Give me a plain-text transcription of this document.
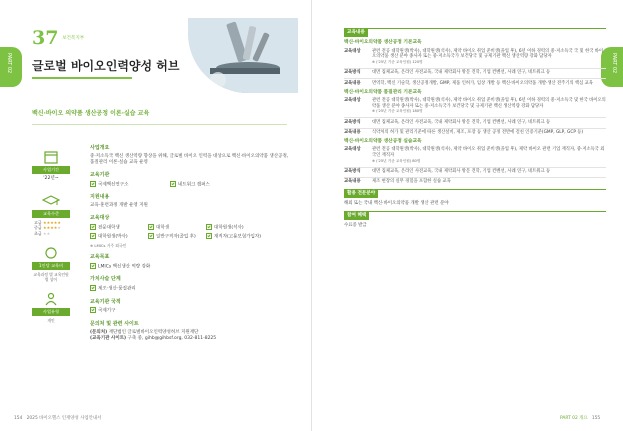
PART 02
37 보건복지부
글로벌 바이오인력양성 허브
백신·바이오 의약품 생산공정 이론·실습 교육
사업기간
'22년~
교육수준
고급 ★★★★★
중급 ★★★★★
초급 ★★
1인당 교육비
교육과정 별 교육인원별 상이
사업유형
개인
사업개요
중·저소득국 백신 생산역량 향상을 위해, 글로벌 바이오 인력을 대상으로 백신·바이오의약품 생산공정, 품질관리 이론·실습 교육 운영
교육기관
국제백신연구소	네트워크 캠퍼스
지원내용
교육·훈련과정 개발 운영 지원
교육대상
전문대학생	대학생	대학원생(석사)
대학원생(박사)	일반구직자(졸업 후)	재직자(고용보험가입자)
※ LMICs 거주 외국인
교육목표
LMICs 백신생산 역량 강화
가치사슬 단계
제조·생산·품질관리
교육기관 국적
국제기구
문의처 및 관련 사이트
(문의처) 재단법인 글로벌바이오인력양성허브 지원재단
(교육기관 사이트) 구축 중, gihb@gihbsf.org, 032-811-8225
154 2025 바이오헬스 인재양성 사업안내서
PART 02
교육내용
백신·바이오의약품 생산공정 기본교육
교육대상	관련 전공 대학원생(박사), 대학원생(석사), 제약 바이오 취업 준비생(졸업 후), 6년 이하 경력의 중·저소득국 국 및 한국 바이오의약품 생산 분야 종사자 또는 중·저소득국가 보건당국 및 규제기관 백신 생산역량 강화 담당자
※ ('25년 기준 교육인원) 120명
교육방식	대면 집체교육, 온라인 사전교육, 국내 제약회사 방문 견학, 기업 컨벤션, 사례 연구, 네트워크 등
교육내용	면역학, 백신 기술학, 생산공정개발, GMP, 제품 인허가, 임상 개발 등 백신·바이오의약품 개발·생산 전주기의 핵심 교육
백신·바이오의약품 품질관리 기본교육
교육대상	관련 전공 대학원생(박사), 대학원생(석사), 제약 바이오 취업 준비생(졸업 후), 6년 이하 경력의 중·저소득국 및 한국 바이오의약품 생산 분야 종사자 또는 중·저소득국가 보건당국 및 규제기관 백신 생산역량 강화 담당자
※ ('25년 기준 교육인원) 180명
교육방식	대면 집체교육, 온라인 사전교육, 국내 제약회사 방문 견학, 기업 컨벤션, 사례 연구, 네트워크 등
교육내용	식약처의 허가 및 관리기준에 따른 생산설비, 제조, 포장 등 생산 공정 전반에 걸친 인증기준(GMP, GLP, GCP 등)
백신·바이오의약품 생산공정 실습교육
교육대상	관련 전공 대학원생(박사), 대학원생(석사), 제약 바이오 취업 준비생(졸업 후), 제약 바이오 관련 기업 재직자, 중·저소득국 외국인 재직자
※ ('25년 기준 교육인원) 80명
교육방식	대면 집체교육, 온라인 사전교육, 국내 제약회사 방문 견학, 기업 컨벤션, 사례 연구, 네트워크 등
교육내용	제조 현장의 실무 경험을 포함한 실습 교육
활용 전문분야
해외 또는 국내 백신·바이오의약품 개발 생산 관련 분야
참여 혜택
수료증 발급
PART 02 개요 155
